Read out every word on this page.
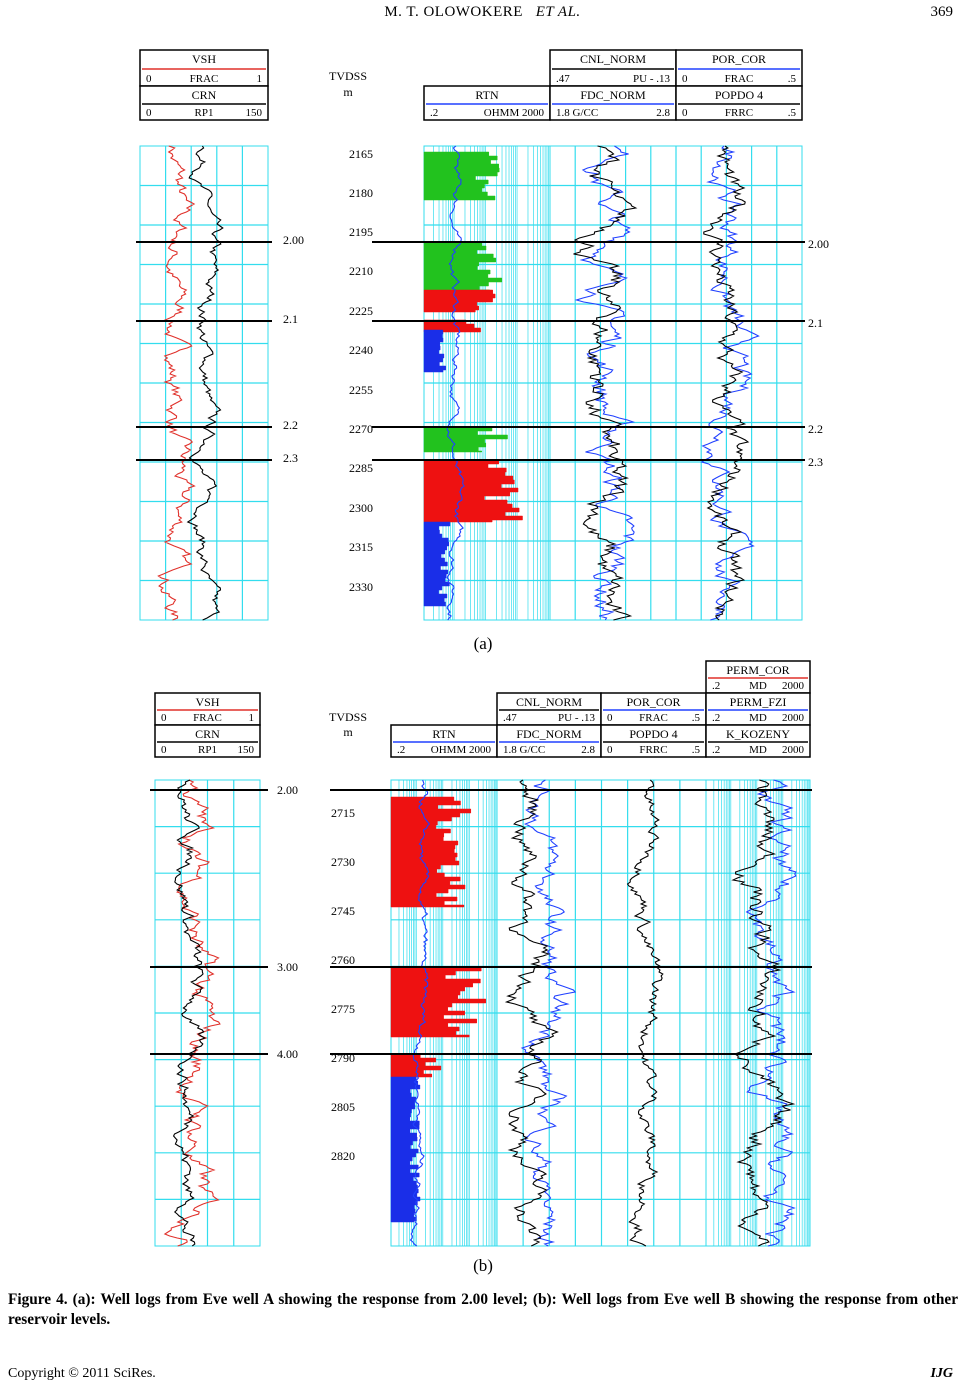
M. T. OLOWOKERE ET AL.	369
VSH
0	FRAC	1
CRN
0	RP1	150
TVDSS
m
CNL_NORM
.47	PU - .13
POR_COR
0	FRAC	.5
RTN
.2	OHMM 2000
FDC_NORM
1.8 G/CC	2.8
POPDO 4
0	FRRC	.5
2165
2180
2195
2210
2225
2240
2255
2270
2285
2300
2315
2330
2.00	2.00
2.1	2.1
2.2	2.2
2.3	2.3
(a)
VSH
0 FRAC 1
CRN
0	RP1 150
TVDSS
m
PERM_COR
.2	MD 2000
CNL_NORM
.47	PU - .13
POR_COR
0 FRAC .5
PERM_FZI
.2	MD 2000
RTN
.2 OHMM 2000
FDC_NORM
1.8 G/CC	2.8
POPDO 4
0 FRRC .5
K_KOZENY
.2	MD 2000
2715
2730
2745
2760
2775
2790
2805
2820
2.00
3.00
4.00
(b)
Figure 4. (a): Well logs from Eve well A showing the response from 2.00 level; (b): Well logs from Eve well B showing the response from other reservoir levels.
Copyright © 2011 SciRes.	IJG
